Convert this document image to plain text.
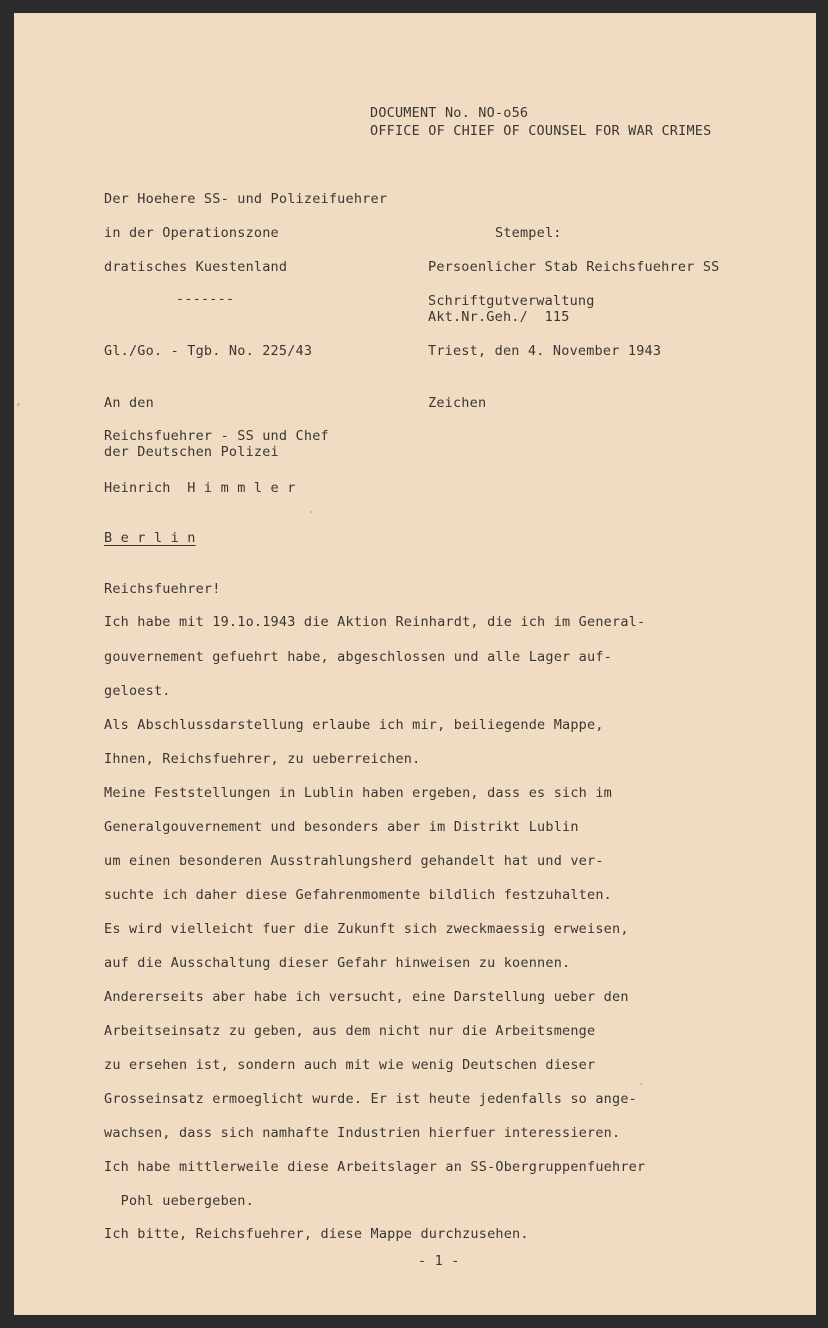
DOCUMENT No. NO-o56
OFFICE OF CHIEF OF COUNSEL FOR WAR CRIMES
Der Hoehere SS- und Polizeifuehrer
in der Operationszone	Stempel:
dratisches Kuestenland	Persoenlicher Stab Reichsfuehrer SS
-------	Schriftgutverwaltung
Akt.Nr.Geh./  115
Gl./Go. - Tgb. No. 225/43	Triest, den 4. November 1943
An den	Zeichen
Reichsfuehrer - SS und Chef
der Deutschen Polizei
Heinrich  H i m m l e r
B e r l i n
Reichsfuehrer!
Ich habe mit 19.1o.1943 die Aktion Reinhardt, die ich im General-
gouvernement gefuehrt habe, abgeschlossen und alle Lager auf-
geloest.
Als Abschlussdarstellung erlaube ich mir, beiliegende Mappe,
Ihnen, Reichsfuehrer, zu ueberreichen.
Meine Feststellungen in Lublin haben ergeben, dass es sich im
Generalgouvernement und besonders aber im Distrikt Lublin
um einen besonderen Ausstrahlungsherd gehandelt hat und ver-
suchte ich daher diese Gefahrenmomente bildlich festzuhalten.
Es wird vielleicht fuer die Zukunft sich zweckmaessig erweisen,
auf die Ausschaltung dieser Gefahr hinweisen zu koennen.
Andererseits aber habe ich versucht, eine Darstellung ueber den
Arbeitseinsatz zu geben, aus dem nicht nur die Arbeitsmenge
zu ersehen ist, sondern auch mit wie wenig Deutschen dieser
Grosseinsatz ermoeglicht wurde. Er ist heute jedenfalls so ange-
wachsen, dass sich namhafte Industrien hierfuer interessieren.
Ich habe mittlerweile diese Arbeitslager an SS-Obergruppenfuehrer
Pohl uebergeben.
Ich bitte, Reichsfuehrer, diese Mappe durchzusehen.
- 1 -
